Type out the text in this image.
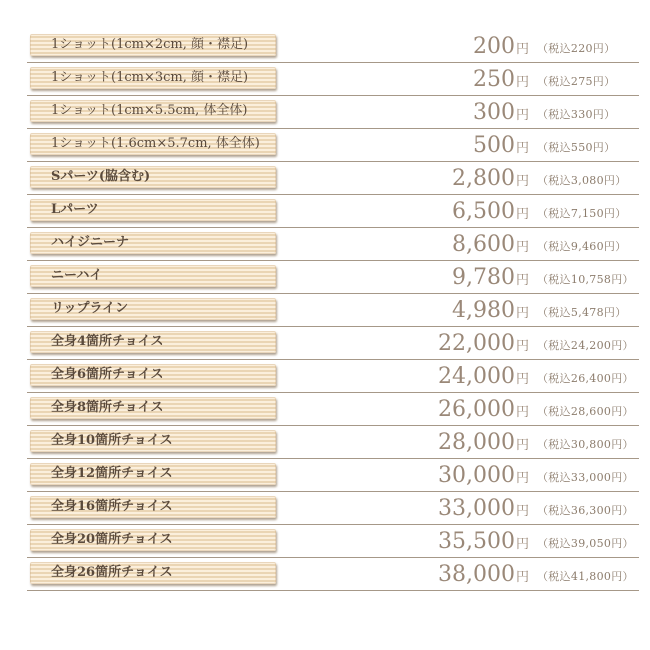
1ショット(1cm×2cm, 顔・襟足)	200円 （税込220円）
1ショット(1cm×3cm, 顔・襟足)	250円 （税込275円）
1ショット(1cm×5.5cm, 体全体)	300円 （税込330円）
1ショット(1.6cm×5.7cm, 体全体)	500円 （税込550円）
Sパーツ(脇含む)	2,800円 （税込3,080円）
Lパーツ	6,500円 （税込7,150円）
ハイジニーナ	8,600円 （税込9,460円）
ニーハイ	9,780円 （税込10,758円）
リップライン	4,980円 （税込5,478円）
全身4箇所チョイス	22,000円 （税込24,200円）
全身6箇所チョイス	24,000円 （税込26,400円）
全身8箇所チョイス	26,000円 （税込28,600円）
全身10箇所チョイス	28,000円 （税込30,800円）
全身12箇所チョイス	30,000円 （税込33,000円）
全身16箇所チョイス	33,000円 （税込36,300円）
全身20箇所チョイス	35,500円 （税込39,050円）
全身26箇所チョイス	38,000円 （税込41,800円）
